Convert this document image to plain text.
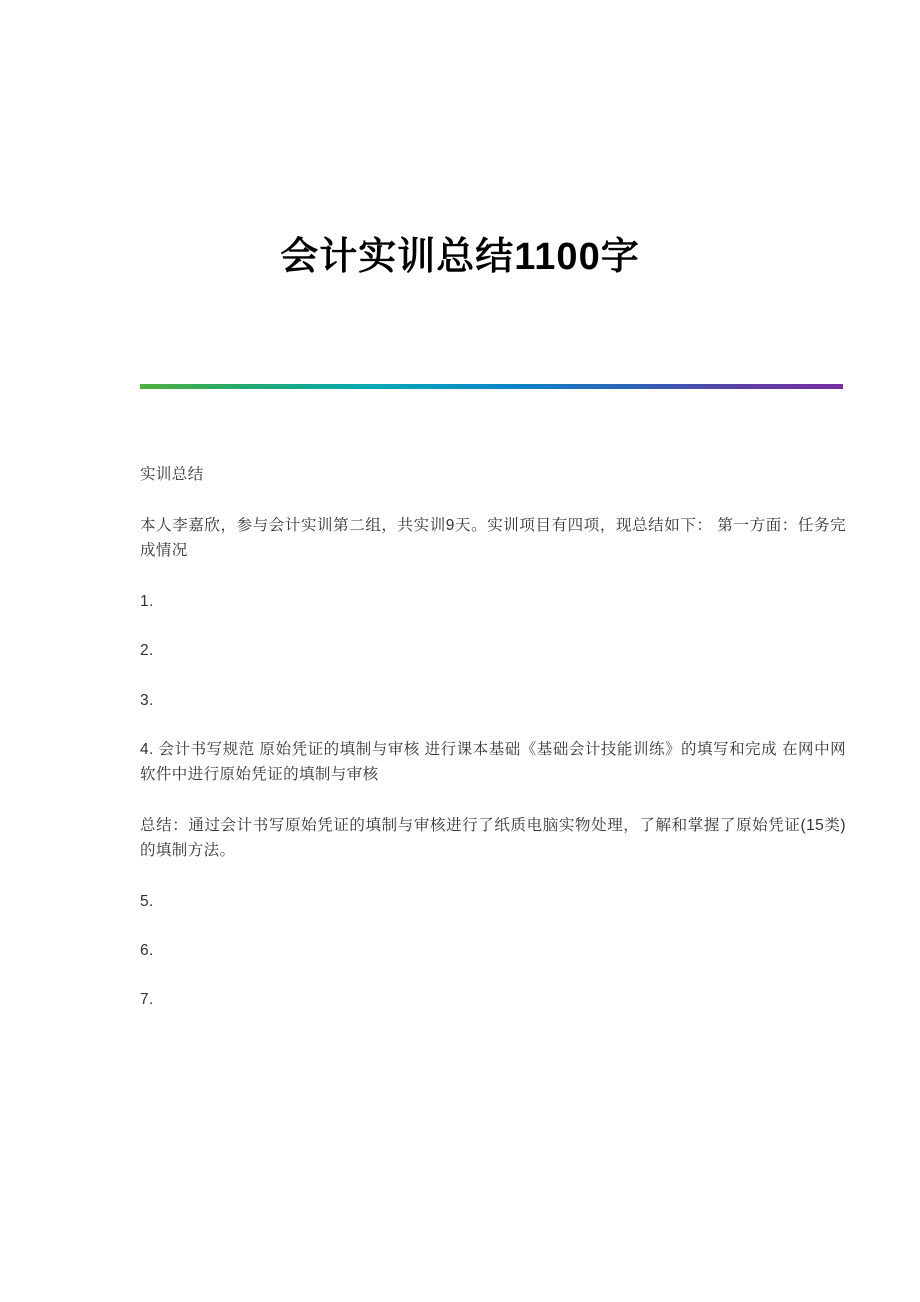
会计实训总结1100字

实训总结

本人李嘉欣，参与会计实训第二组，共实训9天。实训项目有四项，现总结如下： 第一方面：任务完成情况

1.

2.

3.

4. 会计书写规范 原始凭证的填制与审核 进行课本基础《基础会计技能训练》的填写和完成 在网中网软件中进行原始凭证的填制与审核

总结：通过会计书写原始凭证的填制与审核进行了纸质电脑实物处理，了解和掌握了原始凭证(15类)的填制方法。

5.

6.

7.
